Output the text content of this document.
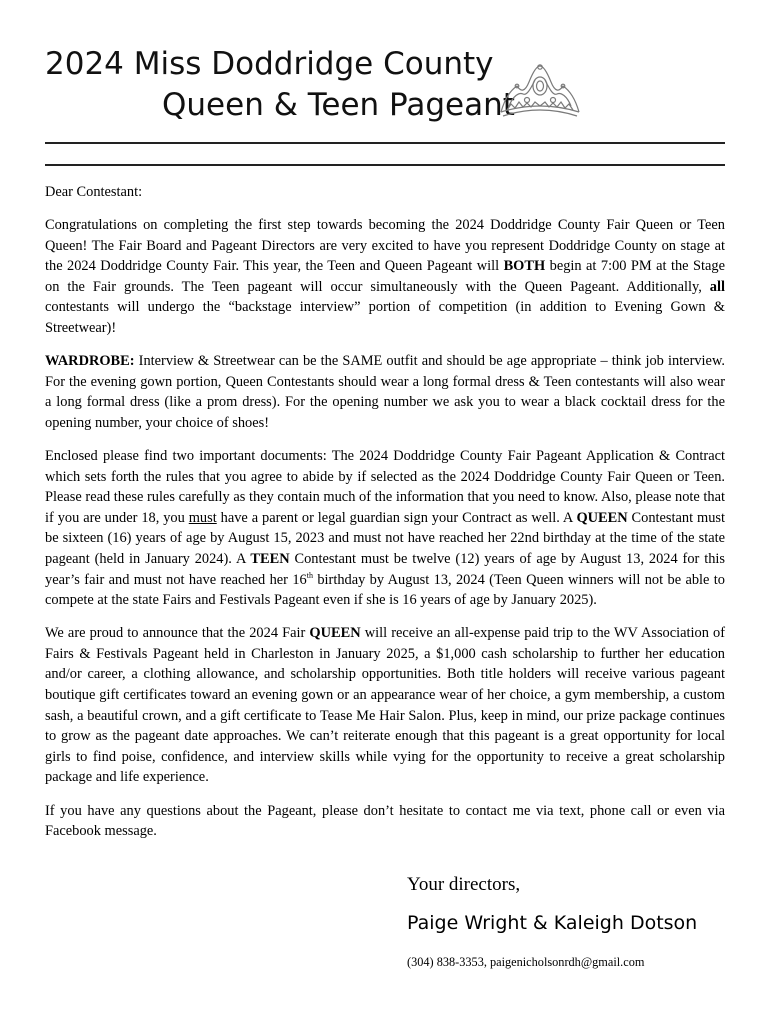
2024 Miss Doddridge County
Queen & Teen Pageant

Dear Contestant:

Congratulations on completing the first step towards becoming the 2024 Doddridge County Fair Queen or Teen Queen! The Fair Board and Pageant Directors are very excited to have you represent Doddridge County on stage at the 2024 Doddridge County Fair. This year, the Teen and Queen Pageant will BOTH begin at 7:00 PM at the Stage on the Fair grounds. The Teen pageant will occur simultaneously with the Queen Pageant. Additionally, all contestants will undergo the “backstage interview” portion of competition (in addition to Evening Gown & Streetwear)!

WARDROBE: Interview & Streetwear can be the SAME outfit and should be age appropriate – think job interview. For the evening gown portion, Queen Contestants should wear a long formal dress & Teen contestants will also wear a long formal dress (like a prom dress). For the opening number we ask you to wear a black cocktail dress for the opening number, your choice of shoes!

Enclosed please find two important documents: The 2024 Doddridge County Fair Pageant Application & Contract which sets forth the rules that you agree to abide by if selected as the 2024 Doddridge County Fair Queen or Teen. Please read these rules carefully as they contain much of the information that you need to know. Also, please note that if you are under 18, you must have a parent or legal guardian sign your Contract as well. A QUEEN Contestant must be sixteen (16) years of age by August 15, 2023 and must not have reached her 22nd birthday at the time of the state pageant (held in January 2024). A TEEN Contestant must be twelve (12) years of age by August 13, 2024 for this year’s fair and must not have reached her 16th birthday by August 13, 2024 (Teen Queen winners will not be able to compete at the state Fairs and Festivals Pageant even if she is 16 years of age by January 2025).

We are proud to announce that the 2024 Fair QUEEN will receive an all-expense paid trip to the WV Association of Fairs & Festivals Pageant held in Charleston in January 2025, a $1,000 cash scholarship to further her education and/or career, a clothing allowance, and scholarship opportunities. Both title holders will receive various pageant boutique gift certificates toward an evening gown or an appearance wear of her choice, a gym membership, a custom sash, a beautiful crown, and a gift certificate to Tease Me Hair Salon. Plus, keep in mind, our prize package continues to grow as the pageant date approaches. We can’t reiterate enough that this pageant is a great opportunity for local girls to find poise, confidence, and interview skills while vying for the opportunity to receive a great scholarship package and life experience.

If you have any questions about the Pageant, please don’t hesitate to contact me via text, phone call or even via Facebook message.

Your directors,
Paige Wright & Kaleigh Dotson
(304) 838-3353, paigenicholsonrdh@gmail.com
